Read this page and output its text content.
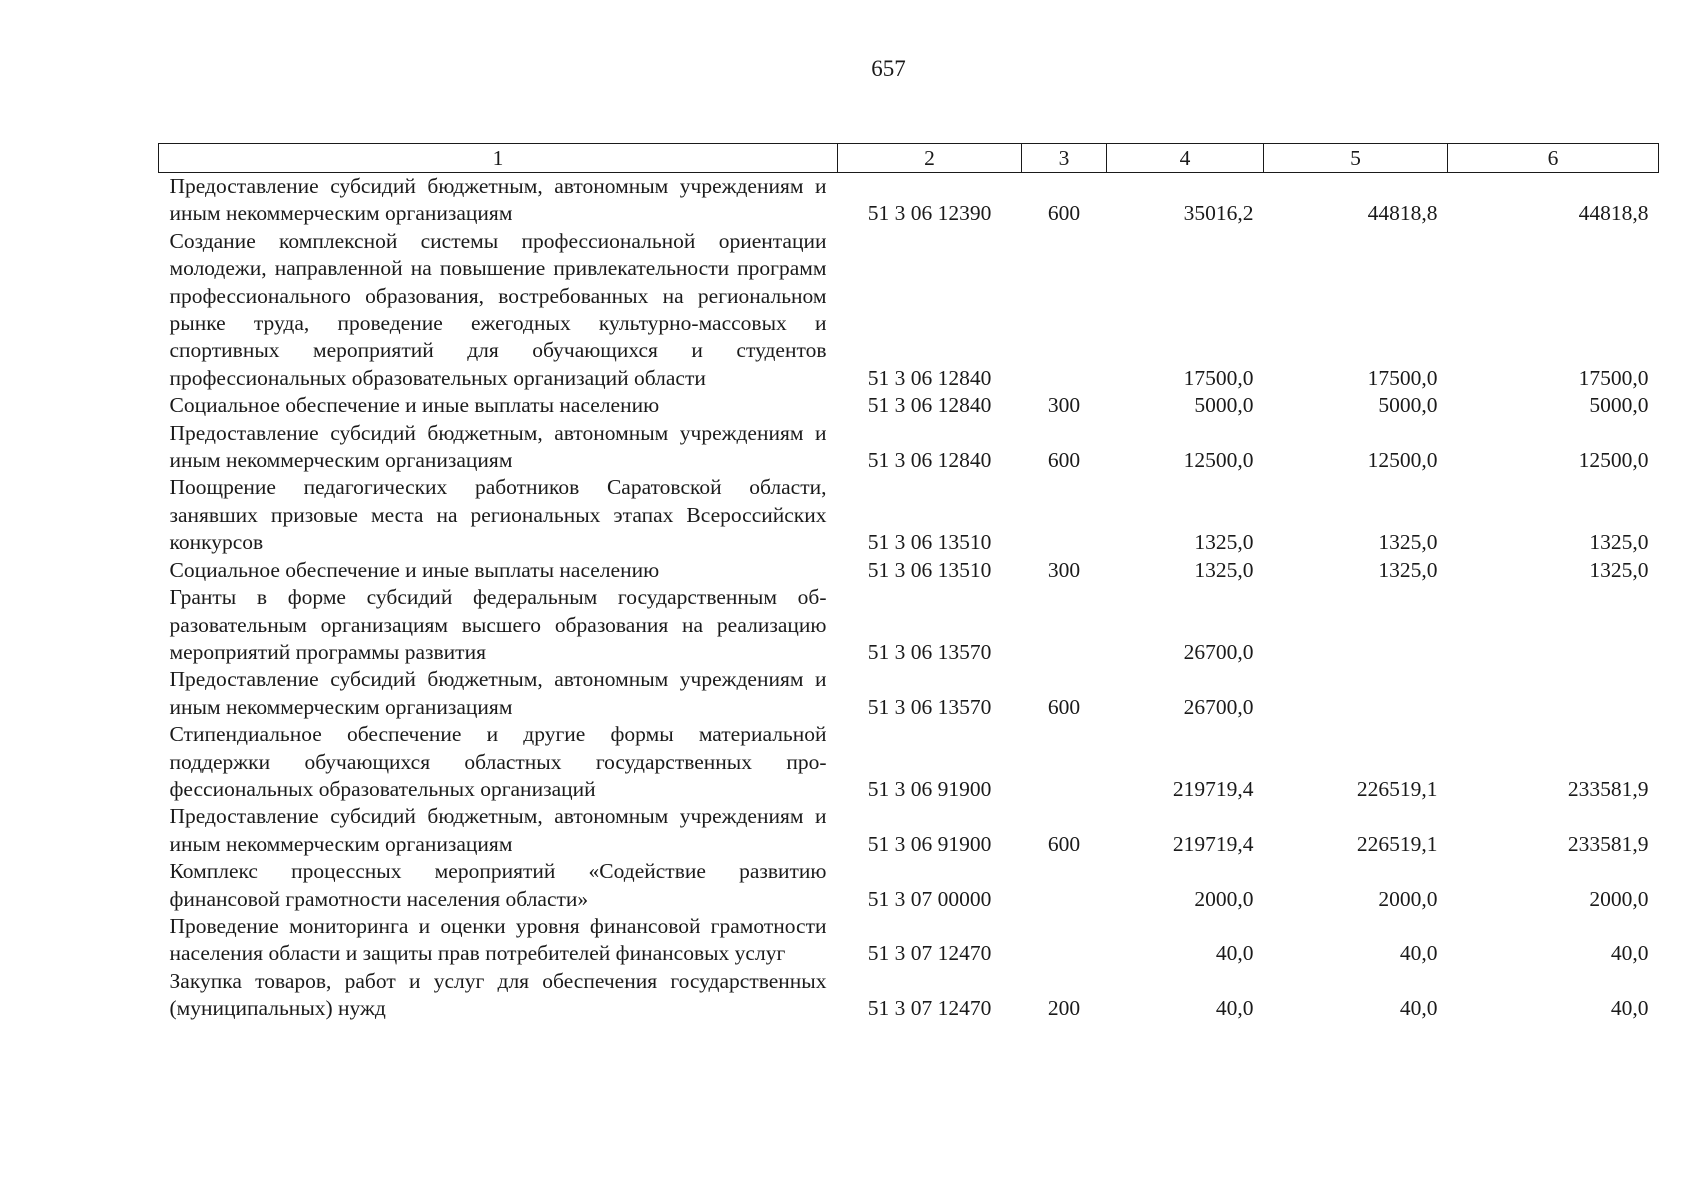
657
1	2	3	4	5	6
Предоставление субсидий бюджетным, автономным учреждениям и иным некоммерческим организациям	51 3 06 12390	600	35016,2	44818,8	44818,8
Создание комплексной системы профессиональной ориентации молодежи, направленной на повышение привлекательности программ профессионального образования, востребованных на региональном рынке труда, проведение ежегодных культурно-массовых и спортивных мероприятий для обучающихся и студентов профессиональных образовательных организаций области	51 3 06 12840		17500,0	17500,0	17500,0
Социальное обеспечение и иные выплаты населению	51 3 06 12840	300	5000,0	5000,0	5000,0
Предоставление субсидий бюджетным, автономным учреждениям и иным некоммерческим организациям	51 3 06 12840	600	12500,0	12500,0	12500,0
Поощрение педагогических работников Саратовской области, занявших призовые места на региональных этапах Всероссийских конкурсов	51 3 06 13510		1325,0	1325,0	1325,0
Социальное обеспечение и иные выплаты населению	51 3 06 13510	300	1325,0	1325,0	1325,0
Гранты в форме субсидий федеральным государственным образовательным организациям высшего образования на реализацию мероприятий программы развития	51 3 06 13570		26700,0		
Предоставление субсидий бюджетным, автономным учреждениям и иным некоммерческим организациям	51 3 06 13570	600	26700,0		
Стипендиальное обеспечение и другие формы материальной поддержки обучающихся областных государственных профессиональных образовательных организаций	51 3 06 91900		219719,4	226519,1	233581,9
Предоставление субсидий бюджетным, автономным учреждениям и иным некоммерческим организациям	51 3 06 91900	600	219719,4	226519,1	233581,9
Комплекс процессных мероприятий «Содействие развитию финансовой грамотности населения области»	51 3 07 00000		2000,0	2000,0	2000,0
Проведение мониторинга и оценки уровня финансовой грамотности населения области и защиты прав потребителей финансовых услуг	51 3 07 12470		40,0	40,0	40,0
Закупка товаров, работ и услуг для обеспечения государственных (муниципальных) нужд	51 3 07 12470	200	40,0	40,0	40,0
